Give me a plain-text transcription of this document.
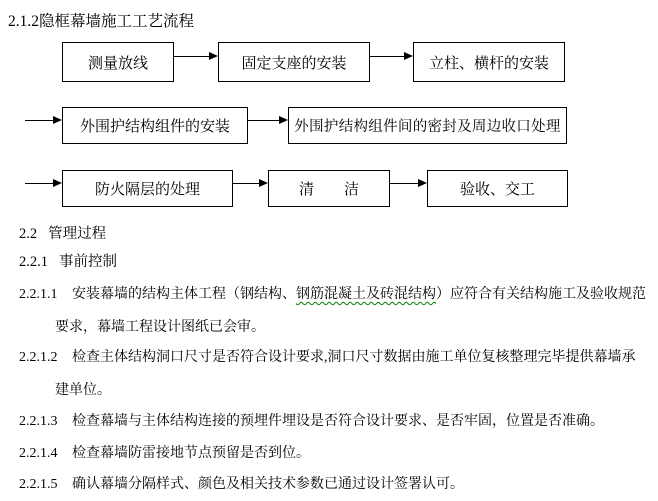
2.1.2隐框幕墙施工工艺流程
测量放线	固定支座的安装	立柱、横杆的安装
外围护结构组件的安装	外围护结构组件间的密封及周边收口处理
防火隔层的处理	清　　洁	验收、交工
2.2 管理过程
2.2.1 事前控制
2.2.1.1 安装幕墙的结构主体工程（钢结构、钢筋混凝土及砖混结构）应符合有关结构施工及验收规范要求，幕墙工程设计图纸已会审。
2.2.1.2 检查主体结构洞口尺寸是否符合设计要求,洞口尺寸数据由施工单位复核整理完毕提供幕墙承建单位。
2.2.1.3 检查幕墙与主体结构连接的预埋件埋设是否符合设计要求、是否牢固，位置是否准确。
2.2.1.4 检查幕墙防雷接地节点预留是否到位。
2.2.1.5 确认幕墙分隔样式、颜色及相关技术参数已通过设计签署认可。
